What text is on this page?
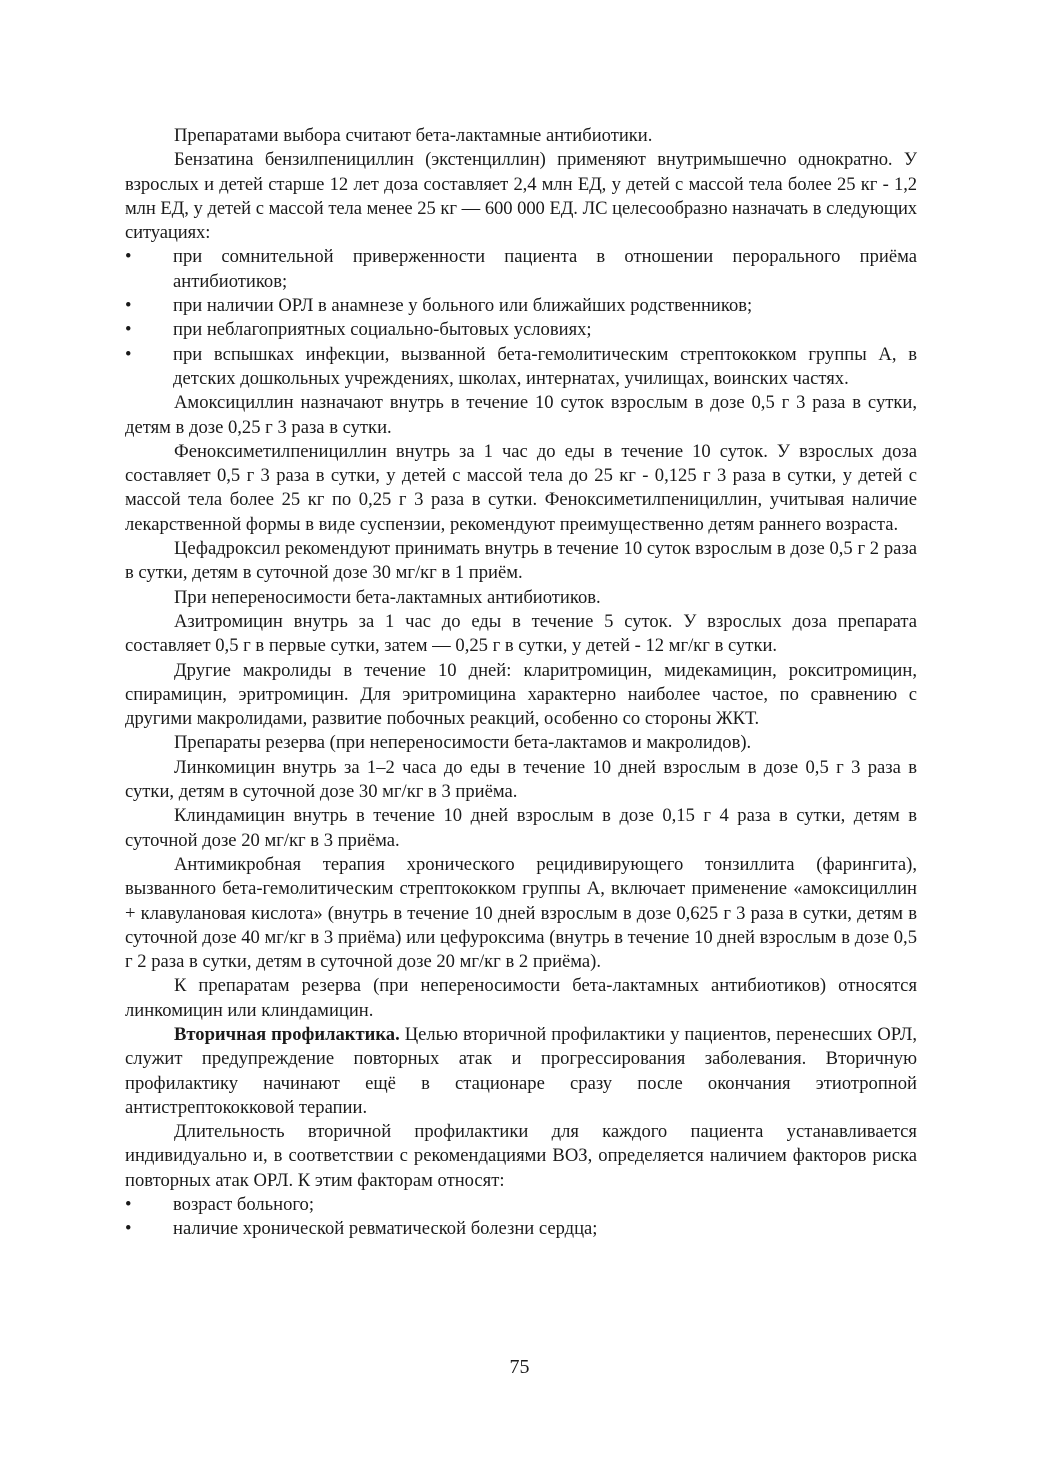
Препаратами выбора считают бета-лактамные антибиотики.

Бензатина бензилпенициллин (экстенциллин) применяют внутримышечно однократно. У взрослых и детей старше 12 лет доза составляет 2,4 млн ЕД, у детей с массой тела более 25 кг - 1,2 млн ЕД, у детей с массой тела менее 25 кг — 600 000 ЕД. ЛС целесообразно назначать в следующих ситуациях:

•	при сомнительной приверженности пациента в отношении перорального приёма антибиотиков;
•	при наличии ОРЛ в анамнезе у больного или ближайших родственников;
•	при неблагоприятных социально-бытовых условиях;
•	при вспышках инфекции, вызванной бета-гемолитическим стрептококком группы А, в детских дошкольных учреждениях, школах, интернатах, училищах, воинских частях.

Амоксициллин назначают внутрь в течение 10 суток взрослым в дозе 0,5 г 3 раза в сутки, детям в дозе 0,25 г 3 раза в сутки.

Феноксиметилпенициллин внутрь за 1 час до еды в течение 10 суток. У взрослых доза составляет 0,5 г 3 раза в сутки, у детей с массой тела до 25 кг - 0,125 г 3 раза в сутки, у детей с массой тела более 25 кг по 0,25 г 3 раза в сутки. Феноксиметилпенициллин, учитывая наличие лекарственной формы в виде суспензии, рекомендуют преимущественно детям раннего возраста.

Цефадроксил рекомендуют принимать внутрь в течение 10 суток взрослым в дозе 0,5 г 2 раза в сутки, детям в суточной дозе 30 мг/кг в 1 приём.

При непереносимости бета-лактамных антибиотиков.

Азитромицин внутрь за 1 час до еды в течение 5 суток. У взрослых доза препарата составляет 0,5 г в первые сутки, затем — 0,25 г в сутки, у детей - 12 мг/кг в сутки.

Другие макролиды в течение 10 дней: кларитромицин, мидекамицин, рокситромицин, спирамицин, эритромицин. Для эритромицина характерно наиболее частое, по сравнению с другими макролидами, развитие побочных реакций, особенно со стороны ЖКТ.

Препараты резерва (при непереносимости бета-лактамов и макролидов).

Линкомицин внутрь за 1–2 часа до еды в течение 10 дней взрослым в дозе 0,5 г 3 раза в сутки, детям в суточной дозе 30 мг/кг в 3 приёма.

Клиндамицин внутрь в течение 10 дней взрослым в дозе 0,15 г 4 раза в сутки, детям в суточной дозе 20 мг/кг в 3 приёма.

Антимикробная терапия хронического рецидивирующего тонзиллита (фарингита), вызванного бета-гемолитическим стрептококком группы А, включает применение «амоксициллин + клавулановая кислота» (внутрь в течение 10 дней взрослым в дозе 0,625 г 3 раза в сутки, детям в суточной дозе 40 мг/кг в 3 приёма) или цефуроксима (внутрь в течение 10 дней взрослым в дозе 0,5 г 2 раза в сутки, детям в суточной дозе 20 мг/кг в 2 приёма).

К препаратам резерва (при непереносимости бета-лактамных антибиотиков) относятся линкомицин или клиндамицин.

Вторичная профилактика. Целью вторичной профилактики у пациентов, перенесших ОРЛ, служит предупреждение повторных атак и прогрессирования заболевания. Вторичную профилактику начинают ещё в стационаре сразу после окончания этиотропной антистрептококковой терапии.

Длительность вторичной профилактики для каждого пациента устанавливается индивидуально и, в соответствии с рекомендациями ВОЗ, определяется наличием факторов риска повторных атак ОРЛ. К этим факторам относят:

•	возраст больного;
•	наличие хронической ревматической болезни сердца;
75
